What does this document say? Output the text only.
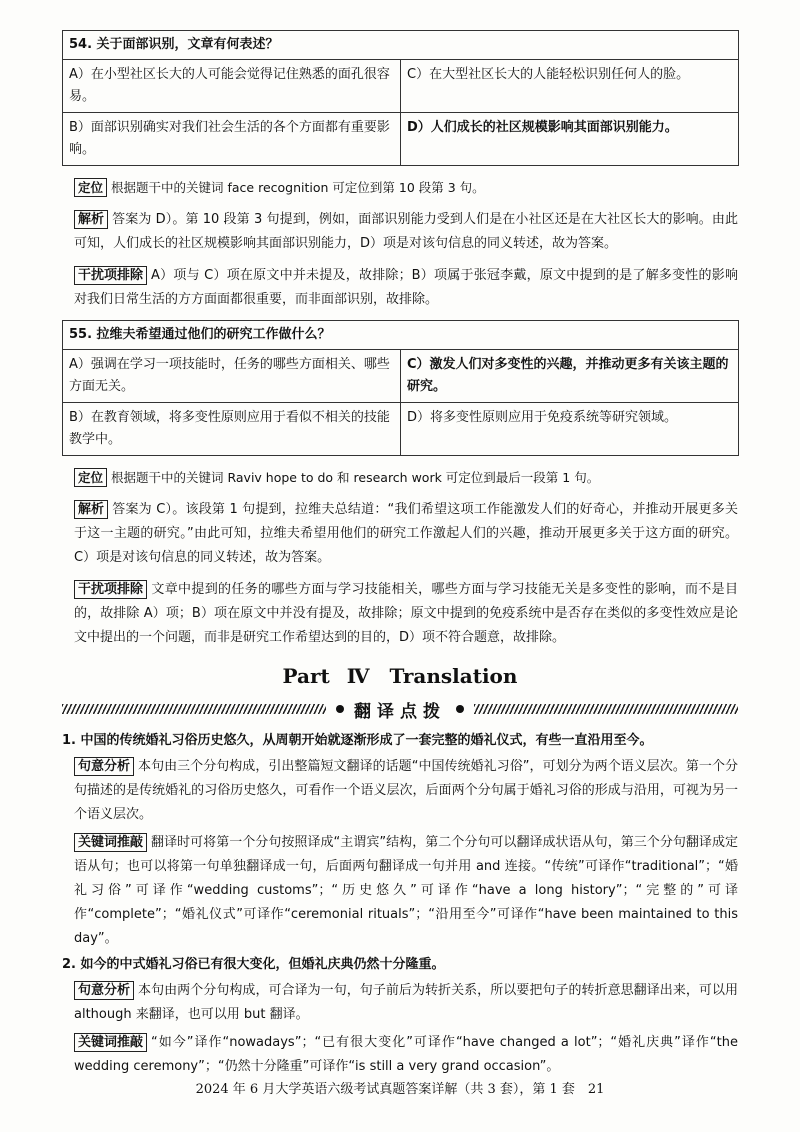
54. 关于面部识别，文章有何表述？	
A）在小型社区长大的人可能会觉得记住熟悉的面孔很容易。	C）在大型社区长大的人能轻松识别任何人的脸。
B）面部识别确实对我们社会生活的各个方面都有重要影响。	D）人们成长的社区规模影响其面部识别能力。

定位 根据题干中的关键词 face recognition 可定位到第 10 段第 3 句。

解析 答案为 D）。第 10 段第 3 句提到，例如，面部识别能力受到人们是在小社区还是在大社区长大的影响。由此可知，人们成长的社区规模影响其面部识别能力，D）项是对该句信息的同义转述，故为答案。

干扰项排除 A）项与 C）项在原文中并未提及，故排除；B）项属于张冠李戴，原文中提到的是了解多变性的影响对我们日常生活的方方面面都很重要，而非面部识别，故排除。

55. 拉维夫希望通过他们的研究工作做什么？	
A）强调在学习一项技能时，任务的哪些方面相关、哪些方面无关。	C）激发人们对多变性的兴趣，并推动更多有关该主题的研究。
B）在教育领域，将多变性原则应用于看似不相关的技能教学中。	D）将多变性原则应用于免疫系统等研究领域。

定位 根据题干中的关键词 Raviv hope to do 和 research work 可定位到最后一段第 1 句。

解析 答案为 C）。该段第 1 句提到，拉维夫总结道：“我们希望这项工作能激发人们的好奇心，并推动开展更多关于这一主题的研究。”由此可知，拉维夫希望用他们的研究工作激起人们的兴趣，推动开展更多关于这方面的研究。C）项是对该句信息的同义转述，故为答案。

干扰项排除 文章中提到的任务的哪些方面与学习技能相关，哪些方面与学习技能无关是多变性的影响，而不是目的，故排除 A）项；B）项在原文中并没有提及，故排除；原文中提到的免疫系统中是否存在类似的多变性效应是论文中提出的一个问题，而非是研究工作希望达到的目的，D）项不符合题意，故排除。

Part Ⅳ　Translation
翻译点拨

1. 中国的传统婚礼习俗历史悠久，从周朝开始就逐渐形成了一套完整的婚礼仪式，有些一直沿用至今。

句意分析 本句由三个分句构成，引出整篇短文翻译的话题“中国传统婚礼习俗”，可划分为两个语义层次。第一个分句描述的是传统婚礼的习俗历史悠久，可看作一个语义层次，后面两个分句属于婚礼习俗的形成与沿用，可视为另一个语义层次。

关键词推敲 翻译时可将第一个分句按照译成“主谓宾”结构，第二个分句可以翻译成状语从句，第三个分句翻译成定语从句；也可以将第一句单独翻译成一句，后面两句翻译成一句并用 and 连接。“传统”可译作“traditional”；“婚礼习俗”可译作“wedding customs”；“历史悠久”可译作“have a long history”；“完整的”可译作“complete”；“婚礼仪式”可译作“ceremonial rituals”；“沿用至今”可译作“have been maintained to this day”。

2. 如今的中式婚礼习俗已有很大变化，但婚礼庆典仍然十分隆重。

句意分析 本句由两个分句构成，可合译为一句，句子前后为转折关系，所以要把句子的转折意思翻译出来，可以用 although 来翻译，也可以用 but 翻译。

关键词推敲 “如今”译作“nowadays”；“已有很大变化”可译作“have changed a lot”；“婚礼庆典”译作“the wedding ceremony”；“仍然十分隆重”可译作“is still a very grand occasion”。

2024 年 6 月大学英语六级考试真题答案详解（共 3 套），第 1 套　21
